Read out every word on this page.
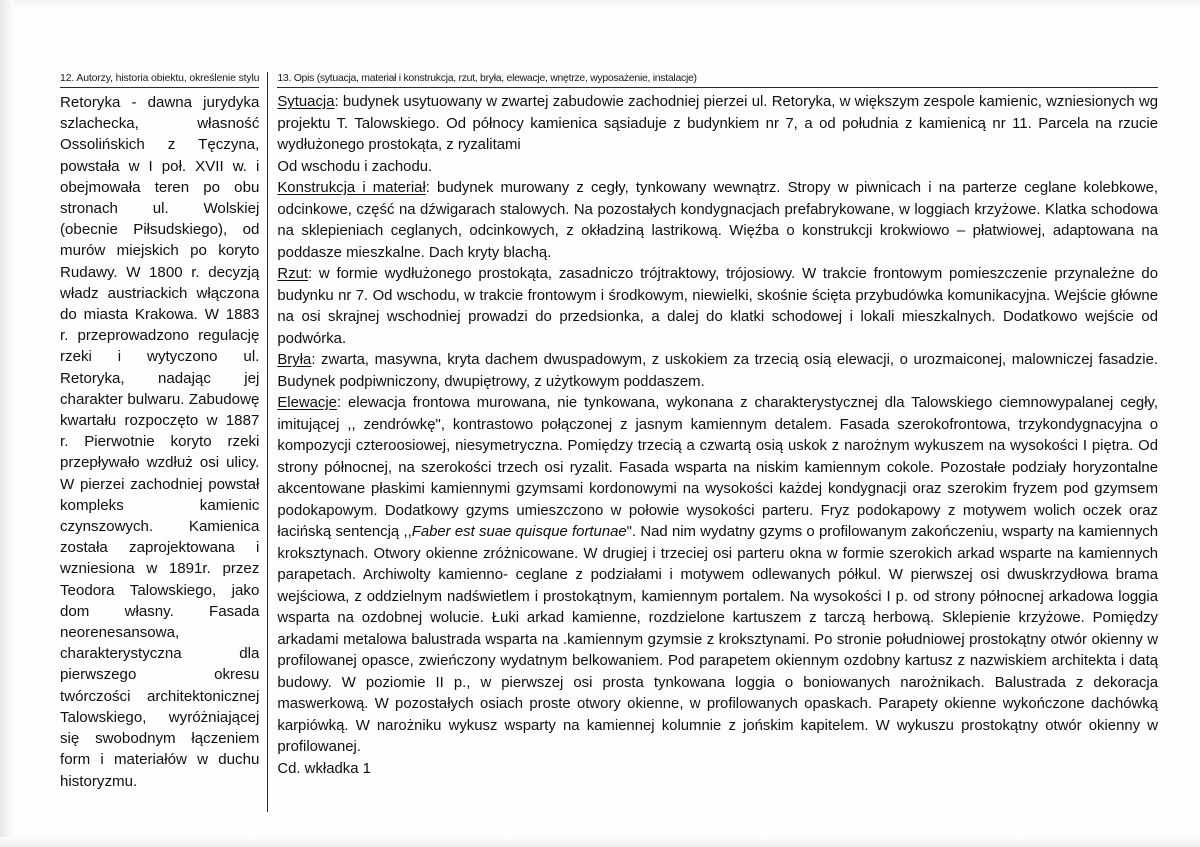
12. Autorzy, historia obiektu, określenie stylu

Retoryka - dawna jurydyka szlachecka, własność Ossolińskich z Tęczyna, powstała w I poł. XVII w. i obejmowała teren po obu stronach ul. Wolskiej (obecnie Piłsudskiego), od murów miejskich po koryto Rudawy. W 1800 r. decyzją władz austriackich włączona do miasta Krakowa. W 1883 r. przeprowadzono regulację rzeki i wytyczono ul. Retoryka, nadając jej charakter bulwaru. Zabudowę kwartału rozpoczęto w 1887 r. Pierwotnie koryto rzeki przepływało wzdłuż osi ulicy. W pierzei zachodniej powstał kompleks kamienic czynszowych. Kamienica została zaprojektowana i wzniesiona w 1891r. przez Teodora Talowskiego, jako dom własny. Fasada neorenesansowa, charakterystyczna dla pierwszego okresu twórczości architektonicznej Talowskiego, wyróżniającej się swobodnym łączeniem form i materiałów w duchu historyzmu.

13. Opis (sytuacja, materiał i konstrukcja, rzut, bryła, elewacje, wnętrze, wyposażenie, instalacje)

Sytuacja: budynek usytuowany w zwartej zabudowie zachodniej pierzei ul. Retoryka, w większym zespole kamienic, wzniesionych wg projektu T. Talowskiego. Od północy kamienica sąsiaduje z budynkiem nr 7, a od południa z kamienicą nr 11. Parcela na rzucie wydłużonego prostokąta, z ryzalitami

Od wschodu i zachodu.

Konstrukcja i materiał: budynek murowany z cegły, tynkowany wewnątrz. Stropy w piwnicach i na parterze ceglane kolebkowe, odcinkowe, część na dźwigarach stalowych. Na pozostałych kondygnacjach prefabrykowane, w loggiach krzyżowe. Klatka schodowa na sklepieniach ceglanych, odcinkowych, z okładziną lastrikową. Więźba o konstrukcji krokwiowo – płatwiowej, adaptowana na poddasze mieszkalne. Dach kryty blachą.

Rzut: w formie wydłużonego prostokąta, zasadniczo trójtraktowy, trójosiowy. W trakcie frontowym pomieszczenie przynależne do budynku nr 7. Od wschodu, w trakcie frontowym i środkowym, niewielki, skośnie ścięta przybudówka komunikacyjna. Wejście główne na osi skrajnej wschodniej prowadzi do przedsionka, a dalej do klatki schodowej i lokali mieszkalnych. Dodatkowo wejście od podwórka.

Bryła: zwarta, masywna, kryta dachem dwuspadowym, z uskokiem za trzecią osią elewacji, o urozmaiconej, malowniczej fasadzie. Budynek podpiwniczony, dwupiętrowy, z użytkowym poddaszem.

Elewacje: elewacja frontowa murowana, nie tynkowana, wykonana z charakterystycznej dla Talowskiego ciemnowypalanej cegły, imitującej ,, zendrówkę", kontrastowo połączonej z jasnym kamiennym detalem. Fasada szerokofrontowa, trzykondygnacyjna o kompozycji czteroosiowej, niesymetryczna. Pomiędzy trzecią a czwartą osią uskok z narożnym wykuszem na wysokości I piętra. Od strony północnej, na szerokości trzech osi ryzalit. Fasada wsparta na niskim kamiennym cokole. Pozostałe podziały horyzontalne akcentowane płaskimi kamiennymi gzymsami kordonowymi na wysokości każdej kondygnacji oraz szerokim fryzem pod gzymsem podokapowym. Dodatkowy gzyms umieszczono w połowie wysokości parteru. Fryz podokapowy z motywem wolich oczek oraz łacińską sentencją ,,Faber est suae quisque fortunae". Nad nim wydatny gzyms o profilowanym zakończeniu, wsparty na kamiennych kroksztynach. Otwory okienne zróżnicowane. W drugiej i trzeciej osi parteru okna w formie szerokich arkad wsparte na kamiennych parapetach. Archiwolty kamienno- ceglane z podziałami i motywem odlewanych półkul. W pierwszej osi dwuskrzydłowa brama wejściowa, z oddzielnym nadświetlem i prostokątnym, kamiennym portalem. Na wysokości I p. od strony północnej arkadowa loggia wsparta na ozdobnej wolucie. Łuki arkad kamienne, rozdzielone kartuszem z tarczą herbową. Sklepienie krzyżowe. Pomiędzy arkadami metalowa balustrada wsparta na .kamiennym gzymsie z kroksztynami. Po stronie południowej prostokątny otwór okienny w profilowanej opasce, zwieńczony wydatnym belkowaniem. Pod parapetem okiennym ozdobny kartusz z nazwiskiem architekta i datą budowy. W poziomie II p., w pierwszej osi prosta tynkowana loggia o boniowanych narożnikach. Balustrada z dekoracja maswerkową. W pozostałych osiach proste otwory okienne, w profilowanych opaskach. Parapety okienne wykończone dachówką karpiówką. W narożniku wykusz wsparty na kamiennej kolumnie z jońskim kapitelem. W wykuszu prostokątny otwór okienny w profilowanej.

Cd. wkładka 1
